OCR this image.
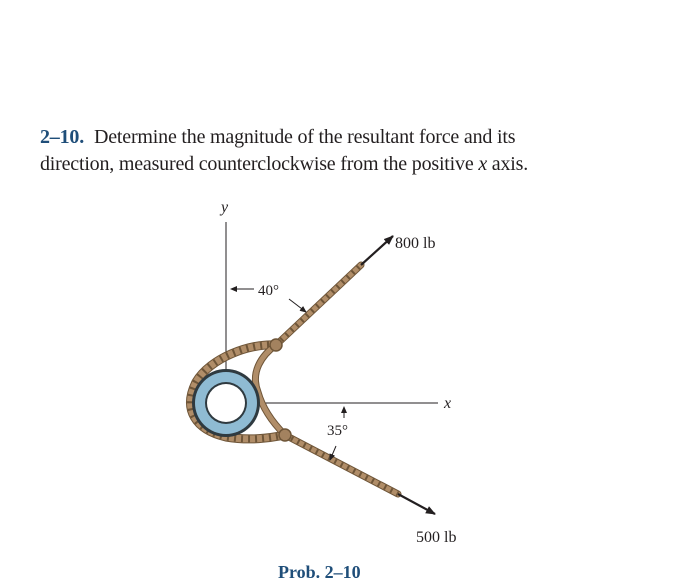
2–10. Determine the magnitude of the resultant force and its
direction, measured counterclockwise from the positive x axis.
y
x
800 lb
500 lb
40°
35°
Prob. 2–10
